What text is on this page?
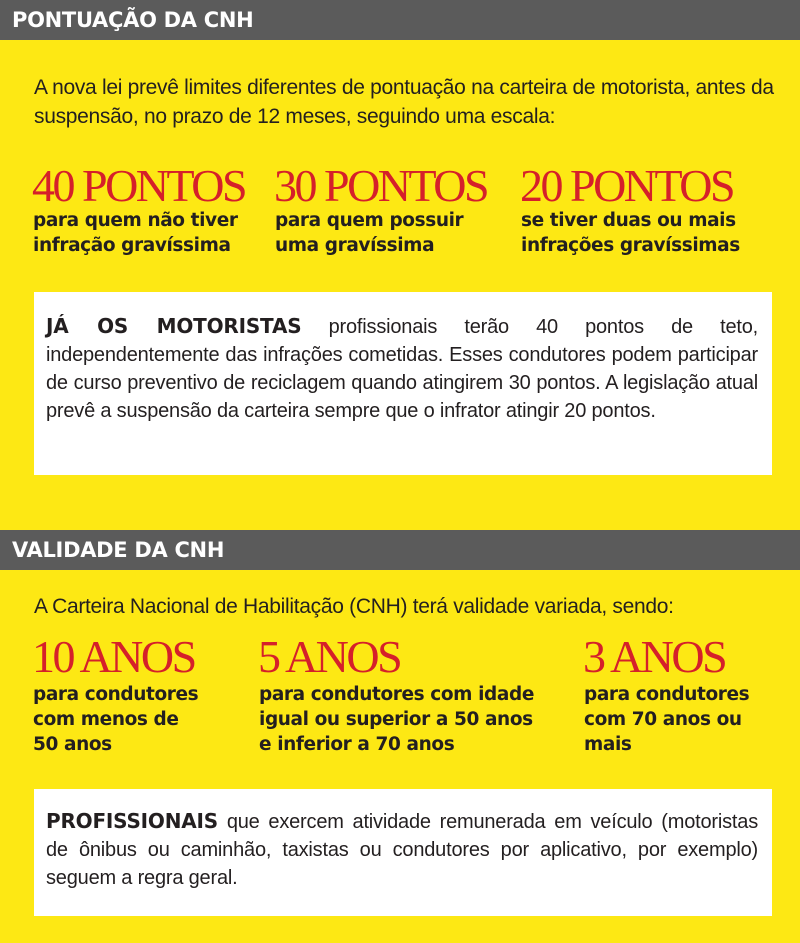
PONTUAÇÃO DA CNH

A nova lei prevê limites diferentes de pontuação na carteira de motorista, antes da suspensão, no prazo de 12 meses, seguindo uma escala:

40 PONTOS
para quem não tiver
infração gravíssima
30 PONTOS
para quem possuir
uma gravíssima
20 PONTOS
se tiver duas ou mais
infrações gravíssimas

JÁ OS MOTORISTAS profissionais terão 40 pontos de teto, independentemente das infrações cometidas. Esses condutores podem participar de curso preventivo de reciclagem quando atingirem 30 pontos. A legislação atual prevê a suspensão da carteira sempre que o infrator atingir 20 pontos.

VALIDADE DA CNH

A Carteira Nacional de Habilitação (CNH) terá validade variada, sendo:

10 ANOS
para condutores
com menos de
50 anos
5 ANOS
para condutores com idade
igual ou superior a 50 anos
e inferior a 70 anos
3 ANOS
para condutores
com 70 anos ou
mais

PROFISSIONAIS que exercem atividade remunerada em veículo (motoristas de ônibus ou caminhão, taxistas ou condutores por aplicativo, por exemplo) seguem a regra geral.
